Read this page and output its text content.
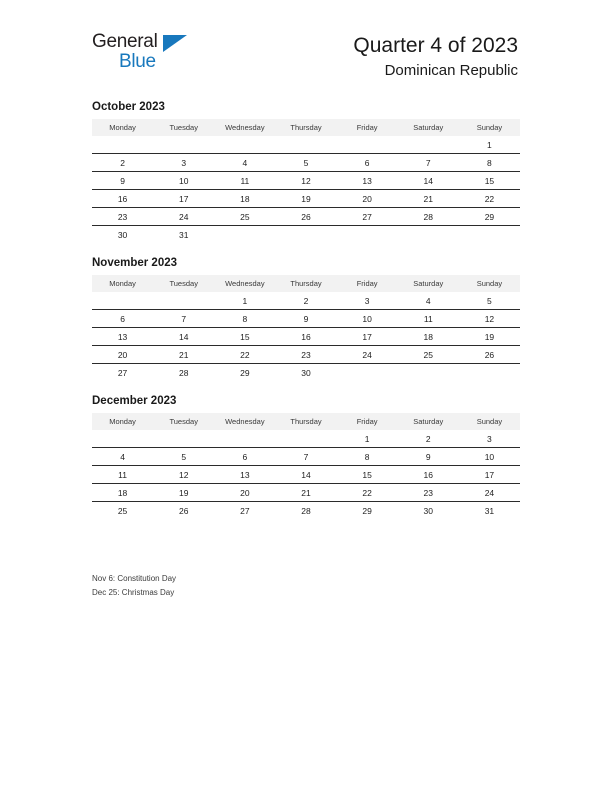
General
Blue
Quarter 4 of 2023
Dominican Republic
October 2023
Monday	Tuesday	Wednesday	Thursday	Friday	Saturday	Sunday
						1
2	3	4	5	6	7	8
9	10	11	12	13	14	15
16	17	18	19	20	21	22
23	24	25	26	27	28	29
30	31					
November 2023
Monday	Tuesday	Wednesday	Thursday	Friday	Saturday	Sunday
		1	2	3	4	5
6	7	8	9	10	11	12
13	14	15	16	17	18	19
20	21	22	23	24	25	26
27	28	29	30			
December 2023
Monday	Tuesday	Wednesday	Thursday	Friday	Saturday	Sunday
				1	2	3
4	5	6	7	8	9	10
11	12	13	14	15	16	17
18	19	20	21	22	23	24
25	26	27	28	29	30	31
Nov 6: Constitution Day
Dec 25: Christmas Day
